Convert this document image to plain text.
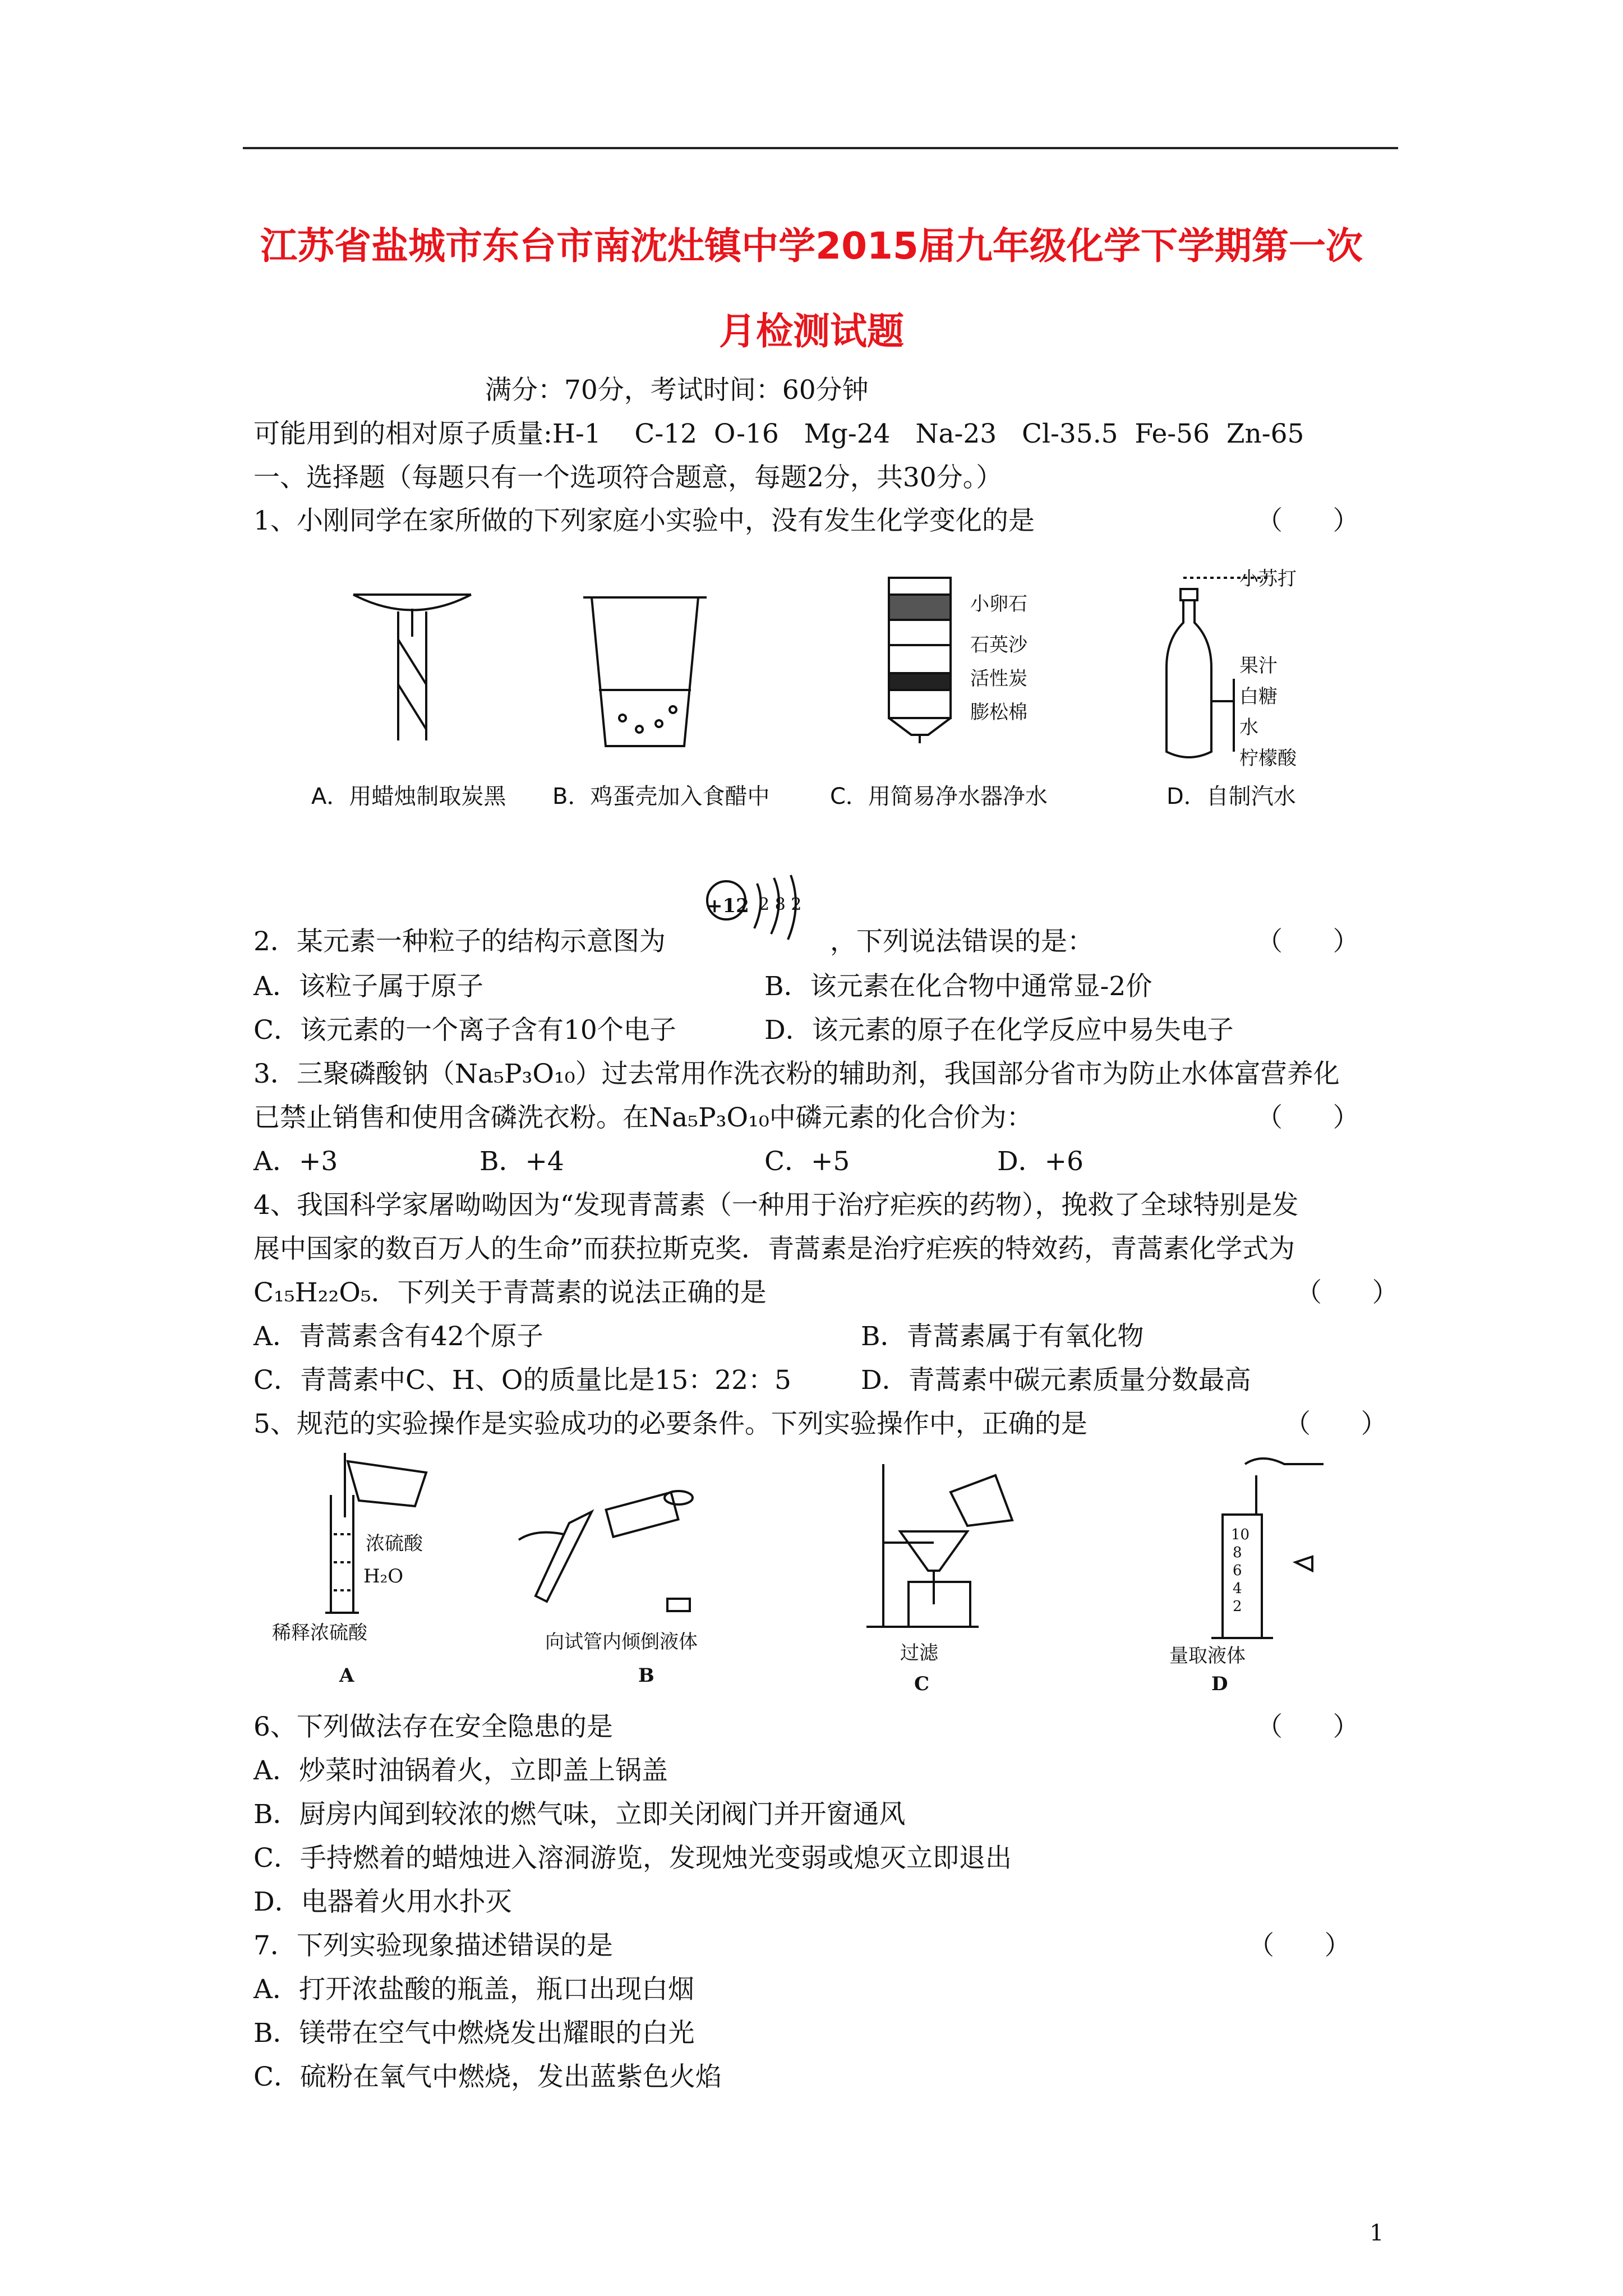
江苏省盐城市东台市南沈灶镇中学2015届九年级化学下学期第一次
月检测试题
满分：70分，考试时间：60分钟
可能用到的相对原子质量:H-1    C-12  O-16   Mg-24   Na-23   Cl-35.5  Fe-56  Zn-65
一、选择题（每题只有一个选项符合题意，每题2分，共30分。）
1、小刚同学在家所做的下列家庭小实验中，没有发生化学变化的是	（      ）
小卵石
石英沙
活性炭
膨松棉
小苏打
果汁
白糖
水
柠檬酸
A．用蜡烛制取炭黑 B．鸡蛋壳加入食醋中	C．用简易净水器净水	D．自制汽水
2．某元素一种粒子的结构示意图为
+12 2 8 2
，下列说法错误的是：	（      ）
A．该粒子属于原子	B．该元素在化合物中通常显-2价
C．该元素的一个离子含有10个电子	D．该元素的原子在化学反应中易失电子
3．三聚磷酸钠（Na₅P₃O₁₀）过去常用作洗衣粉的辅助剂，我国部分省市为防止水体富营养化
已禁止销售和使用含磷洗衣粉。在Na₅P₃O₁₀中磷元素的化合价为：	（      ）
A．+3	B．+4	C．+5	D．+6
4、我国科学家屠呦呦因为“发现青蒿素（一种用于治疗疟疾的药物），挽救了全球特别是发
展中国家的数百万人的生命”而获拉斯克奖．青蒿素是治疗疟疾的特效药，青蒿素化学式为
C₁₅H₂₂O₅．下列关于青蒿素的说法正确的是	（      ）
A．青蒿素含有42个原子	B．青蒿素属于有氧化物
C．青蒿素中C、H、O的质量比是15：22：5	D．青蒿素中碳元素质量分数最高
5、规范的实验操作是实验成功的必要条件。下列实验操作中，正确的是	（      ）
浓硫酸
H₂O
稀释浓硫酸
A
向试管内倾倒液体
B
过滤
C
10
8
6
4
2
量取液体
D
6、下列做法存在安全隐患的是	（      ）
A．炒菜时油锅着火，立即盖上锅盖
B．厨房内闻到较浓的燃气味，立即关闭阀门并开窗通风
C．手持燃着的蜡烛进入溶洞游览，发现烛光变弱或熄灭立即退出
D．电器着火用水扑灭
7．下列实验现象描述错误的是	（      ）
A．打开浓盐酸的瓶盖，瓶口出现白烟
B．镁带在空气中燃烧发出耀眼的白光
C．硫粉在氧气中燃烧，发出蓝紫色火焰
1
